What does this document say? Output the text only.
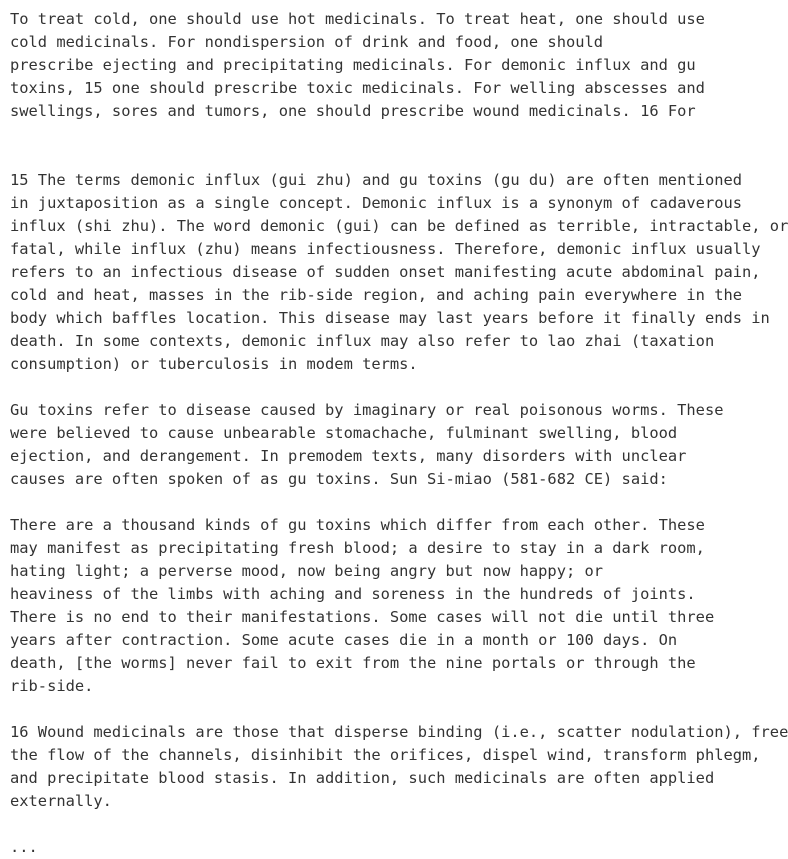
To treat cold, one should use hot medicinals. To treat heat, one should use
cold medicinals. For nondispersion of drink and food, one should
prescribe ejecting and precipitating medicinals. For demonic influx and gu
toxins, 15 one should prescribe toxic medicinals. For welling abscesses and
swellings, sores and tumors, one should prescribe wound medicinals. 16 For
15 The terms demonic influx (gui zhu) and gu toxins (gu du) are often mentioned
in juxtaposition as a single concept. Demonic influx is a synonym of cadaverous
influx (shi zhu). The word demonic (gui) can be defined as terrible, intractable, or
fatal, while influx (zhu) means infectiousness. Therefore, demonic influx usually
refers to an infectious disease of sudden onset manifesting acute abdominal pain,
cold and heat, masses in the rib-side region, and aching pain everywhere in the
body which baffles location. This disease may last years before it finally ends in
death. In some contexts, demonic influx may also refer to lao zhai (taxation
consumption) or tuberculosis in modem terms.
Gu toxins refer to disease caused by imaginary or real poisonous worms. These
were believed to cause unbearable stomachache, fulminant swelling, blood
ejection, and derangement. In premodem texts, many disorders with unclear
causes are often spoken of as gu toxins. Sun Si-miao (581-682 CE) said:
There are a thousand kinds of gu toxins which differ from each other. These
may manifest as precipitating fresh blood; a desire to stay in a dark room,
hating light; a perverse mood, now being angry but now happy; or
heaviness of the limbs with aching and soreness in the hundreds of joints.
There is no end to their manifestations. Some cases will not die until three
years after contraction. Some acute cases die in a month or 100 days. On
death, [the worms] never fail to exit from the nine portals or through the
rib-side.
16 Wound medicinals are those that disperse binding (i.e., scatter nodulation), free
the flow of the channels, disinhibit the orifices, dispel wind, transform phlegm,
and precipitate blood stasis. In addition, such medicinals are often applied
externally.
...
